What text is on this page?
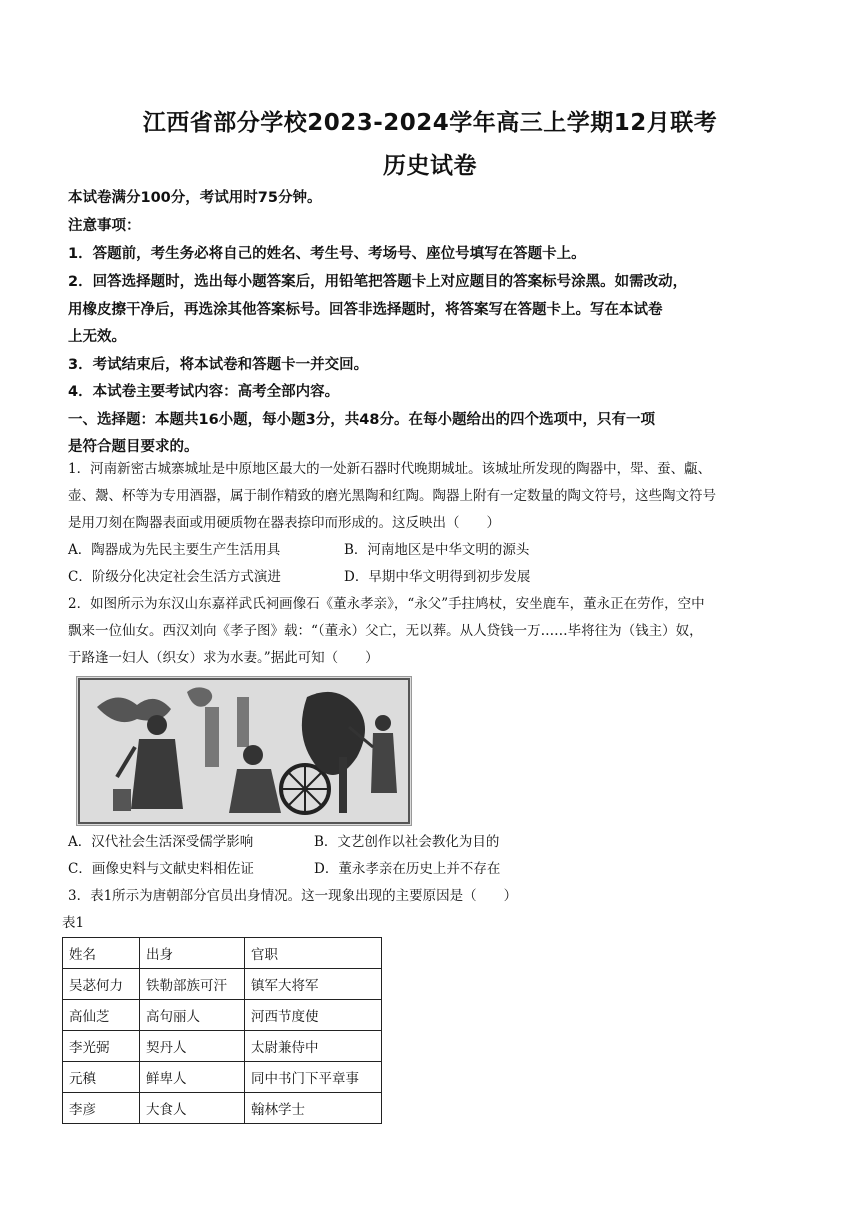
江西省部分学校2023-2024学年高三上学期12月联考
历史试卷
本试卷满分100分，考试用时75分钟。
注意事项：
1．答题前，考生务必将自己的姓名、考生号、考场号、座位号填写在答题卡上。
2．回答选择题时，选出每小题答案后，用铅笔把答题卡上对应题目的答案标号涂黑。如需改动，
用橡皮擦干净后，再选涂其他答案标号。回答非选择题时，将答案写在答题卡上。写在本试卷
上无效。
3．考试结束后，将本试卷和答题卡一并交回。
4．本试卷主要考试内容：高考全部内容。
一、选择题：本题共16小题，每小题3分，共48分。在每小题给出的四个选项中，只有一项
是符合题目要求的。
1．河南新密古城寨城址是中原地区最大的一处新石器时代晚期城址。该城址所发现的陶器中，斝、蚕、甗、
壶、鬶、杯等为专用酒器，属于制作精致的磨光黑陶和红陶。陶器上附有一定数量的陶文符号，这些陶文符号
是用刀刻在陶器表面或用硬质物在器表捺印而形成的。这反映出（　　）
A．陶器成为先民主要生产生活用具	B．河南地区是中华文明的源头
C．阶级分化决定社会生活方式演进	D．早期中华文明得到初步发展
2．如图所示为东汉山东嘉祥武氏祠画像石《董永孝亲》，“永父”手拄鸠杖，安坐鹿车，董永正在劳作，空中
飘来一位仙女。西汉刘向《孝子图》载：“（董永）父亡，无以葬。从人贷钱一万……毕将往为（钱主）奴，
于路逢一妇人（织女）求为水妻。”据此可知（　　）
A．汉代社会生活深受儒学影响	B．文艺创作以社会教化为目的
C．画像史料与文献史料相佐证	D．董永孝亲在历史上并不存在
3．表1所示为唐朝部分官员出身情况。这一现象出现的主要原因是（　　）
表1
姓名	出身	官职
吴苾何力	铁勒部族可汗	镇军大将军
高仙芝	高句丽人	河西节度使
李光弼	契丹人	太尉兼侍中
元稹	鲜卑人	同中书门下平章事
李彦	大食人	翰林学士
